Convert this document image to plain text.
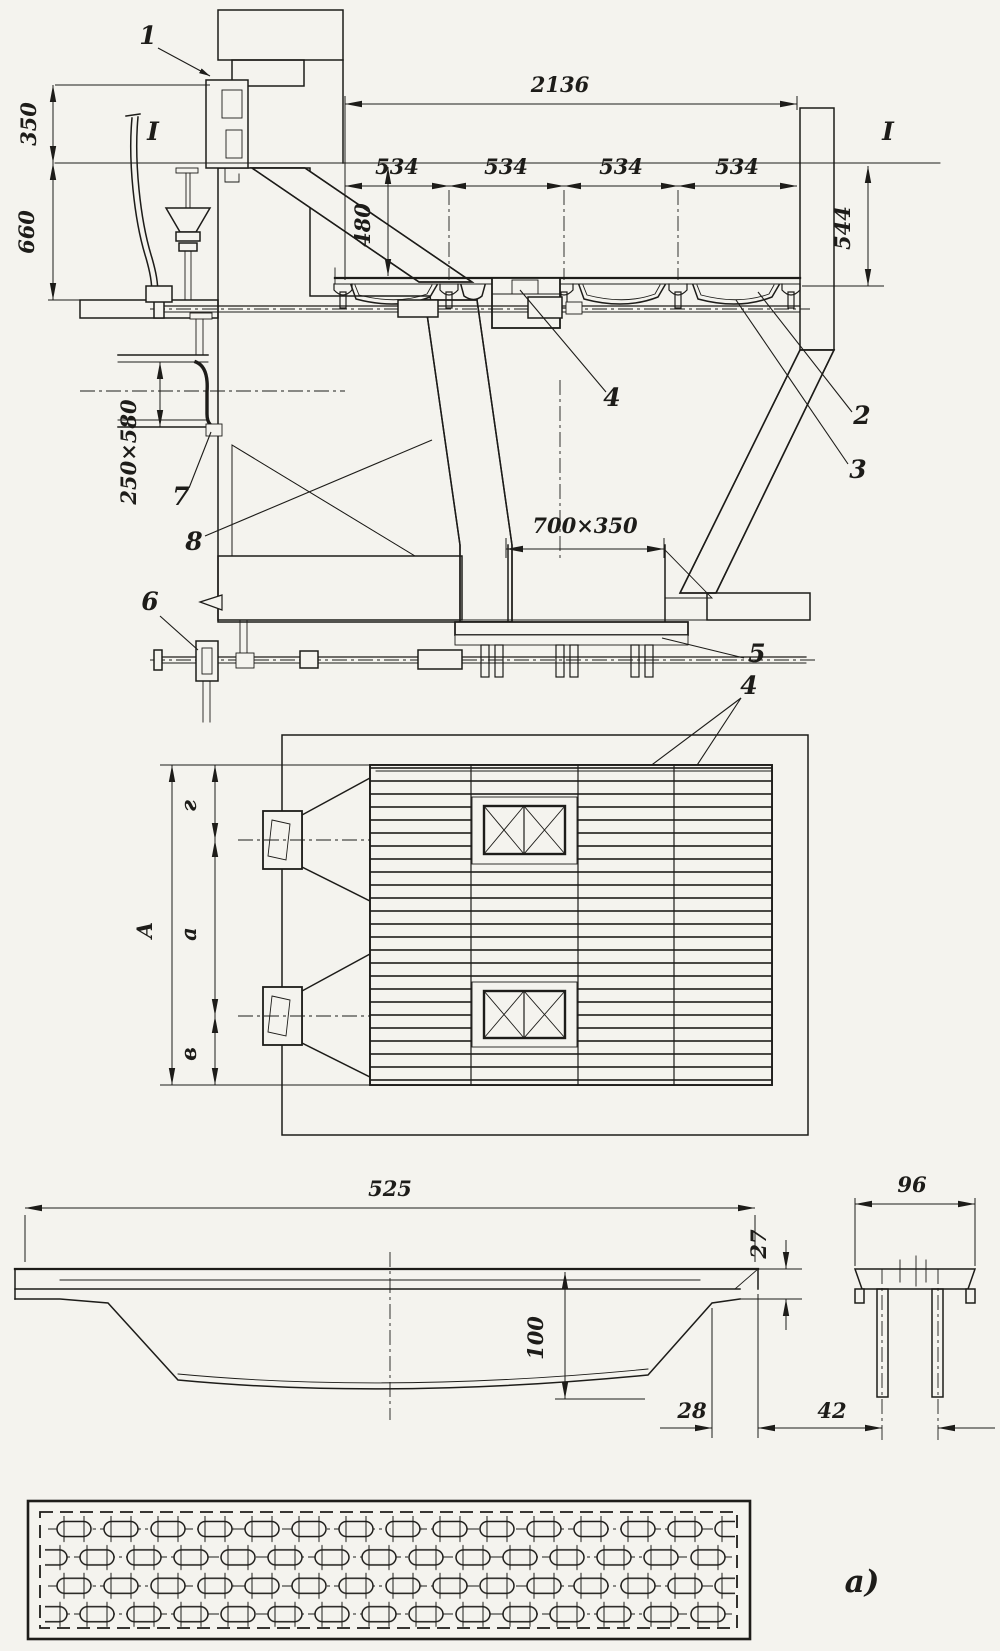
350
660
2136
534	534	534	534
480	544
250×580
700×350
I	I
1
2
3
4
5
4
6
7
8
А
г
а
в
525
100
27
28
96
42
а)
